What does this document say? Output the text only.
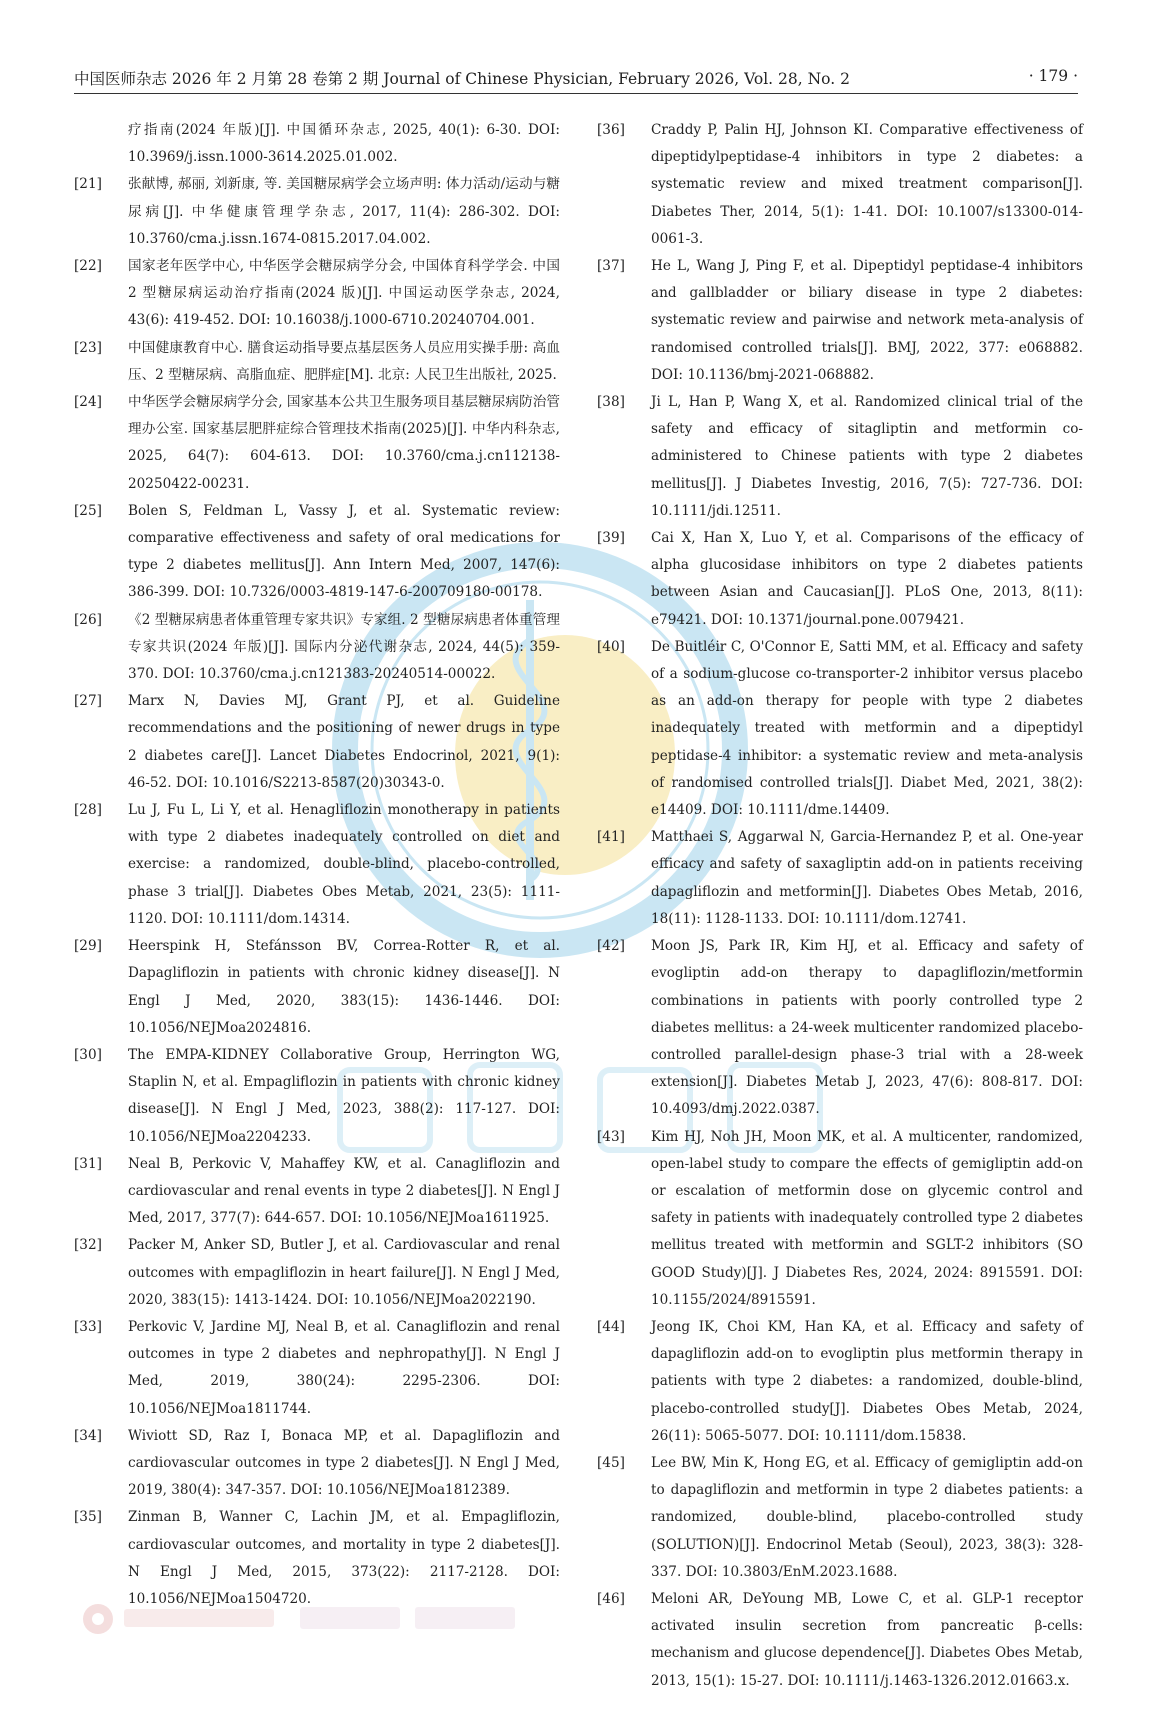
中国医师杂志 2026 年 2 月第 28 卷第 2 期 Journal of Chinese Physician, February 2026, Vol. 28, No. 2	· 179 ·
疗指南(2024 年版)[J]. 中国循环杂志, 2025, 40(1): 6-30. DOI: 10.3969/j.issn.1000-3614.2025.01.002.
[21]	张献博, 郝丽, 刘新康, 等. 美国糖尿病学会立场声明: 体力活动/运动与糖尿病[J]. 中华健康管理学杂志, 2017, 11(4): 286-302. DOI: 10.3760/cma.j.issn.1674-0815.2017.04.002.
[22]	国家老年医学中心, 中华医学会糖尿病学分会, 中国体育科学学会. 中国 2 型糖尿病运动治疗指南(2024 版)[J]. 中国运动医学杂志, 2024, 43(6): 419-452. DOI: 10.16038/j.1000-6710.20240704.001.
[23]	中国健康教育中心. 膳食运动指导要点基层医务人员应用实操手册: 高血压、2 型糖尿病、高脂血症、肥胖症[M]. 北京: 人民卫生出版社, 2025.
[24]	中华医学会糖尿病学分会, 国家基本公共卫生服务项目基层糖尿病防治管理办公室. 国家基层肥胖症综合管理技术指南(2025)[J]. 中华内科杂志, 2025, 64(7): 604-613. DOI: 10.3760/cma.j.cn112138-20250422-00231.
[25]	Bolen S, Feldman L, Vassy J, et al. Systematic review: comparative effectiveness and safety of oral medications for type 2 diabetes mellitus[J]. Ann Intern Med, 2007, 147(6): 386-399. DOI: 10.7326/0003-4819-147-6-200709180-00178.
[26]	《2 型糖尿病患者体重管理专家共识》专家组. 2 型糖尿病患者体重管理专家共识(2024 年版)[J]. 国际内分泌代谢杂志, 2024, 44(5): 359-370. DOI: 10.3760/cma.j.cn121383-20240514-00022.
[27]	Marx N, Davies MJ, Grant PJ, et al. Guideline recommendations and the positioning of newer drugs in type 2 diabetes care[J]. Lancet Diabetes Endocrinol, 2021, 9(1): 46-52. DOI: 10.1016/S2213-8587(20)30343-0.
[28]	Lu J, Fu L, Li Y, et al. Henagliflozin monotherapy in patients with type 2 diabetes inadequately controlled on diet and exercise: a randomized, double-blind, placebo-controlled, phase 3 trial[J]. Diabetes Obes Metab, 2021, 23(5): 1111-1120. DOI: 10.1111/dom.14314.
[29]	Heerspink H, Stefánsson BV, Correa-Rotter R, et al. Dapagliflozin in patients with chronic kidney disease[J]. N Engl J Med, 2020, 383(15): 1436-1446. DOI: 10.1056/NEJMoa2024816.
[30]	The EMPA-KIDNEY Collaborative Group, Herrington WG, Staplin N, et al. Empagliflozin in patients with chronic kidney disease[J]. N Engl J Med, 2023, 388(2): 117-127. DOI: 10.1056/NEJMoa2204233.
[31]	Neal B, Perkovic V, Mahaffey KW, et al. Canagliflozin and cardiovascular and renal events in type 2 diabetes[J]. N Engl J Med, 2017, 377(7): 644-657. DOI: 10.1056/NEJMoa1611925.
[32]	Packer M, Anker SD, Butler J, et al. Cardiovascular and renal outcomes with empagliflozin in heart failure[J]. N Engl J Med, 2020, 383(15): 1413-1424. DOI: 10.1056/NEJMoa2022190.
[33]	Perkovic V, Jardine MJ, Neal B, et al. Canagliflozin and renal outcomes in type 2 diabetes and nephropathy[J]. N Engl J Med, 2019, 380(24): 2295-2306. DOI: 10.1056/NEJMoa1811744.
[34]	Wiviott SD, Raz I, Bonaca MP, et al. Dapagliflozin and cardiovascular outcomes in type 2 diabetes[J]. N Engl J Med, 2019, 380(4): 347-357. DOI: 10.1056/NEJMoa1812389.
[35]	Zinman B, Wanner C, Lachin JM, et al. Empagliflozin, cardiovascular outcomes, and mortality in type 2 diabetes[J]. N Engl J Med, 2015, 373(22): 2117-2128. DOI: 10.1056/NEJMoa1504720.
[36]	Craddy P, Palin HJ, Johnson KI. Comparative effectiveness of dipeptidylpeptidase-4 inhibitors in type 2 diabetes: a systematic review and mixed treatment comparison[J]. Diabetes Ther, 2014, 5(1): 1-41. DOI: 10.1007/s13300-014-0061-3.
[37]	He L, Wang J, Ping F, et al. Dipeptidyl peptidase-4 inhibitors and gallbladder or biliary disease in type 2 diabetes: systematic review and pairwise and network meta-analysis of randomised controlled trials[J]. BMJ, 2022, 377: e068882. DOI: 10.1136/bmj-2021-068882.
[38]	Ji L, Han P, Wang X, et al. Randomized clinical trial of the safety and efficacy of sitagliptin and metformin co-administered to Chinese patients with type 2 diabetes mellitus[J]. J Diabetes Investig, 2016, 7(5): 727-736. DOI: 10.1111/jdi.12511.
[39]	Cai X, Han X, Luo Y, et al. Comparisons of the efficacy of alpha glucosidase inhibitors on type 2 diabetes patients between Asian and Caucasian[J]. PLoS One, 2013, 8(11): e79421. DOI: 10.1371/journal.pone.0079421.
[40]	De Buitléir C, O'Connor E, Satti MM, et al. Efficacy and safety of a sodium-glucose co-transporter-2 inhibitor versus placebo as an add-on therapy for people with type 2 diabetes inadequately treated with metformin and a dipeptidyl peptidase-4 inhibitor: a systematic review and meta-analysis of randomised controlled trials[J]. Diabet Med, 2021, 38(2): e14409. DOI: 10.1111/dme.14409.
[41]	Matthaei S, Aggarwal N, Garcia-Hernandez P, et al. One-year efficacy and safety of saxagliptin add-on in patients receiving dapagliflozin and metformin[J]. Diabetes Obes Metab, 2016, 18(11): 1128-1133. DOI: 10.1111/dom.12741.
[42]	Moon JS, Park IR, Kim HJ, et al. Efficacy and safety of evogliptin add-on therapy to dapagliflozin/metformin combinations in patients with poorly controlled type 2 diabetes mellitus: a 24-week multicenter randomized placebo-controlled parallel-design phase-3 trial with a 28-week extension[J]. Diabetes Metab J, 2023, 47(6): 808-817. DOI: 10.4093/dmj.2022.0387.
[43]	Kim HJ, Noh JH, Moon MK, et al. A multicenter, randomized, open-label study to compare the effects of gemigliptin add-on or escalation of metformin dose on glycemic control and safety in patients with inadequately controlled type 2 diabetes mellitus treated with metformin and SGLT-2 inhibitors (SO GOOD Study)[J]. J Diabetes Res, 2024, 2024: 8915591. DOI: 10.1155/2024/8915591.
[44]	Jeong IK, Choi KM, Han KA, et al. Efficacy and safety of dapagliflozin add-on to evogliptin plus metformin therapy in patients with type 2 diabetes: a randomized, double-blind, placebo-controlled study[J]. Diabetes Obes Metab, 2024, 26(11): 5065-5077. DOI: 10.1111/dom.15838.
[45]	Lee BW, Min K, Hong EG, et al. Efficacy of gemigliptin add-on to dapagliflozin and metformin in type 2 diabetes patients: a randomized, double-blind, placebo-controlled study (SOLUTION)[J]. Endocrinol Metab (Seoul), 2023, 38(3): 328-337. DOI: 10.3803/EnM.2023.1688.
[46]	Meloni AR, DeYoung MB, Lowe C, et al. GLP-1 receptor activated insulin secretion from pancreatic β-cells: mechanism and glucose dependence[J]. Diabetes Obes Metab, 2013, 15(1): 15-27. DOI: 10.1111/j.1463-1326.2012.01663.x.
